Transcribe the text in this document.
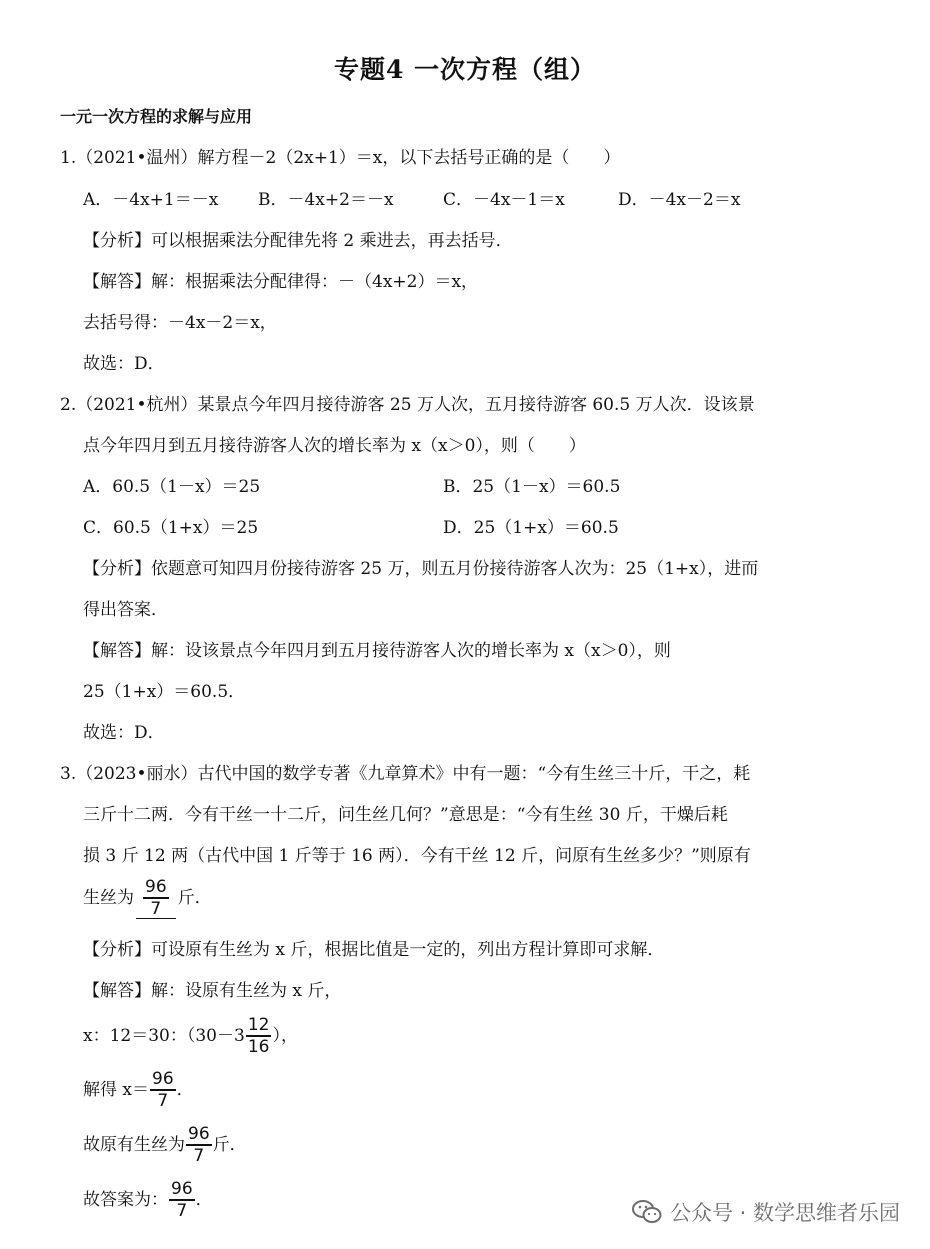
专题4 一次方程（组）
一元一次方程的求解与应用
1.（2021•温州）解方程－2（2x+1）＝x，以下去括号正确的是（　　）
A．－4x+1＝－x B．－4x+2＝－x	C．－4x－1＝x	D．－4x－2＝x
【分析】可以根据乘法分配律先将 2 乘进去，再去括号．
【解答】解：根据乘法分配律得：－（4x+2）＝x，
去括号得：－4x－2＝x，
故选：D．
2.（2021•杭州）某景点今年四月接待游客 25 万人次，五月接待游客 60.5 万人次．设该景
点今年四月到五月接待游客人次的增长率为 x（x＞0），则（　　）
A．60.5（1－x）＝25	B．25（1－x）＝60.5
C．60.5（1+x）＝25	D．25（1+x）＝60.5
【分析】依题意可知四月份接待游客 25 万，则五月份接待游客人次为：25（1+x），进而
得出答案．
【解答】解：设该景点今年四月到五月接待游客人次的增长率为 x（x＞0），则
25（1+x）＝60.5．
故选：D．
3.（2023•丽水）古代中国的数学专著《九章算术》中有一题：“今有生丝三十斤，干之，耗
三斤十二两．今有干丝一十二斤，问生丝几何？”意思是：“今有生丝 30 斤，干燥后耗
损 3 斤 12 两（古代中国 1 斤等于 16 两）．今有干丝 12 斤，问原有生丝多少？”则原有
生丝为 $\frac{96}{7}$ 斤．
【分析】可设原有生丝为 x 斤，根据比值是一定的，列出方程计算即可求解．
【解答】解：设原有生丝为 x 斤，
x：12＝30：（$30-3 \frac{12}{16}$ ），
解得 $x= \frac{96}{7}$ ．
故原有生丝为 $\frac{96}{7}$ 斤．
故答案为： $\frac{96}{7}$ ．
公众号 · 数学思维者乐园
